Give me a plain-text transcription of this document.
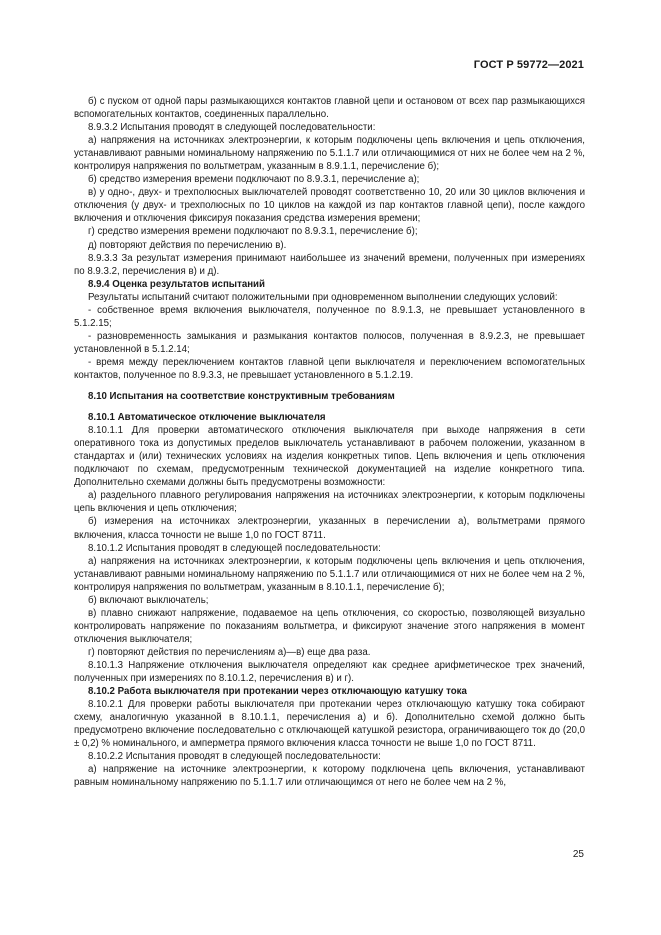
ГОСТ Р 59772—2021

б) с пуском от одной пары размыкающихся контактов главной цепи и остановом от всех пар размыкающихся вспомогательных контактов, соединенных параллельно.

8.9.3.2 Испытания проводят в следующей последовательности:

а) напряжения на источниках электроэнергии, к которым подключены цепь включения и цепь отключения, устанавливают равными номинальному напряжению по 5.1.1.7 или отличающимися от них не более чем на 2 %, контролируя напряжения по вольтметрам, указанным в 8.9.1.1, перечисление б);

б) средство измерения времени подключают по 8.9.3.1, перечисление а);

в) у одно-, двух- и трехполюсных выключателей проводят соответственно 10, 20 или 30 циклов включения и отключения (у двух- и трехполюсных по 10 циклов на каждой из пар контактов главной цепи), после каждого включения и отключения фиксируя показания средства измерения времени;

г) средство измерения времени подключают по 8.9.3.1, перечисление б);

д) повторяют действия по перечислению в).

8.9.3.3 За результат измерения принимают наибольшее из значений времени, полученных при измерениях по 8.9.3.2, перечисления в) и д).

8.9.4 Оценка результатов испытаний

Результаты испытаний считают положительными при одновременном выполнении следующих условий:

- собственное время включения выключателя, полученное по 8.9.1.3, не превышает установленного в 5.1.2.15;

- разновременность замыкания и размыкания контактов полюсов, полученная в 8.9.2.3, не превышает установленной в 5.1.2.14;

- время между переключением контактов главной цепи выключателя и переключением вспомогательных контактов, полученное по 8.9.3.3, не превышает установленного в 5.1.2.19.

8.10 Испытания на соответствие конструктивным требованиям

8.10.1 Автоматическое отключение выключателя

8.10.1.1 Для проверки автоматического отключения выключателя при выходе напряжения в сети оперативного тока из допустимых пределов выключатель устанавливают в рабочем положении, указанном в стандартах и (или) технических условиях на изделия конкретных типов. Цепь включения и цепь отключения подключают по схемам, предусмотренным технической документацией на изделие конкретного типа. Дополнительно схемами должны быть предусмотрены возможности:

а) раздельного плавного регулирования напряжения на источниках электроэнергии, к которым подключены цепь включения и цепь отключения;

б) измерения на источниках электроэнергии, указанных в перечислении а), вольтметрами прямого включения, класса точности не выше 1,0 по ГОСТ 8711.

8.10.1.2 Испытания проводят в следующей последовательности:

а) напряжения на источниках электроэнергии, к которым подключены цепь включения и цепь отключения, устанавливают равными номинальному напряжению по 5.1.1.7 или отличающимися от них не более чем на 2 %, контролируя напряжения по вольтметрам, указанным в 8.10.1.1, перечисление б);

б) включают выключатель;

в) плавно снижают напряжение, подаваемое на цепь отключения, со скоростью, позволяющей визуально контролировать напряжение по показаниям вольтметра, и фиксируют значение этого напряжения в момент отключения выключателя;

г) повторяют действия по перечислениям а)—в) еще два раза.

8.10.1.3 Напряжение отключения выключателя определяют как среднее арифметическое трех значений, полученных при измерениях по 8.10.1.2, перечисления в) и г).

8.10.2 Работа выключателя при протекании через отключающую катушку тока

8.10.2.1 Для проверки работы выключателя при протекании через отключающую катушку тока собирают схему, аналогичную указанной в 8.10.1.1, перечисления а) и б). Дополнительно схемой должно быть предусмотрено включение последовательно с отключающей катушкой резистора, ограничивающего ток до (20,0 ± 0,2) % номинального, и амперметра прямого включения класса точности не выше 1,0 по ГОСТ 8711.

8.10.2.2 Испытания проводят в следующей последовательности:

а) напряжение на источнике электроэнергии, к которому подключена цепь включения, устанавливают равным номинальному напряжению по 5.1.1.7 или отличающимся от него не более чем на 2 %,

25
